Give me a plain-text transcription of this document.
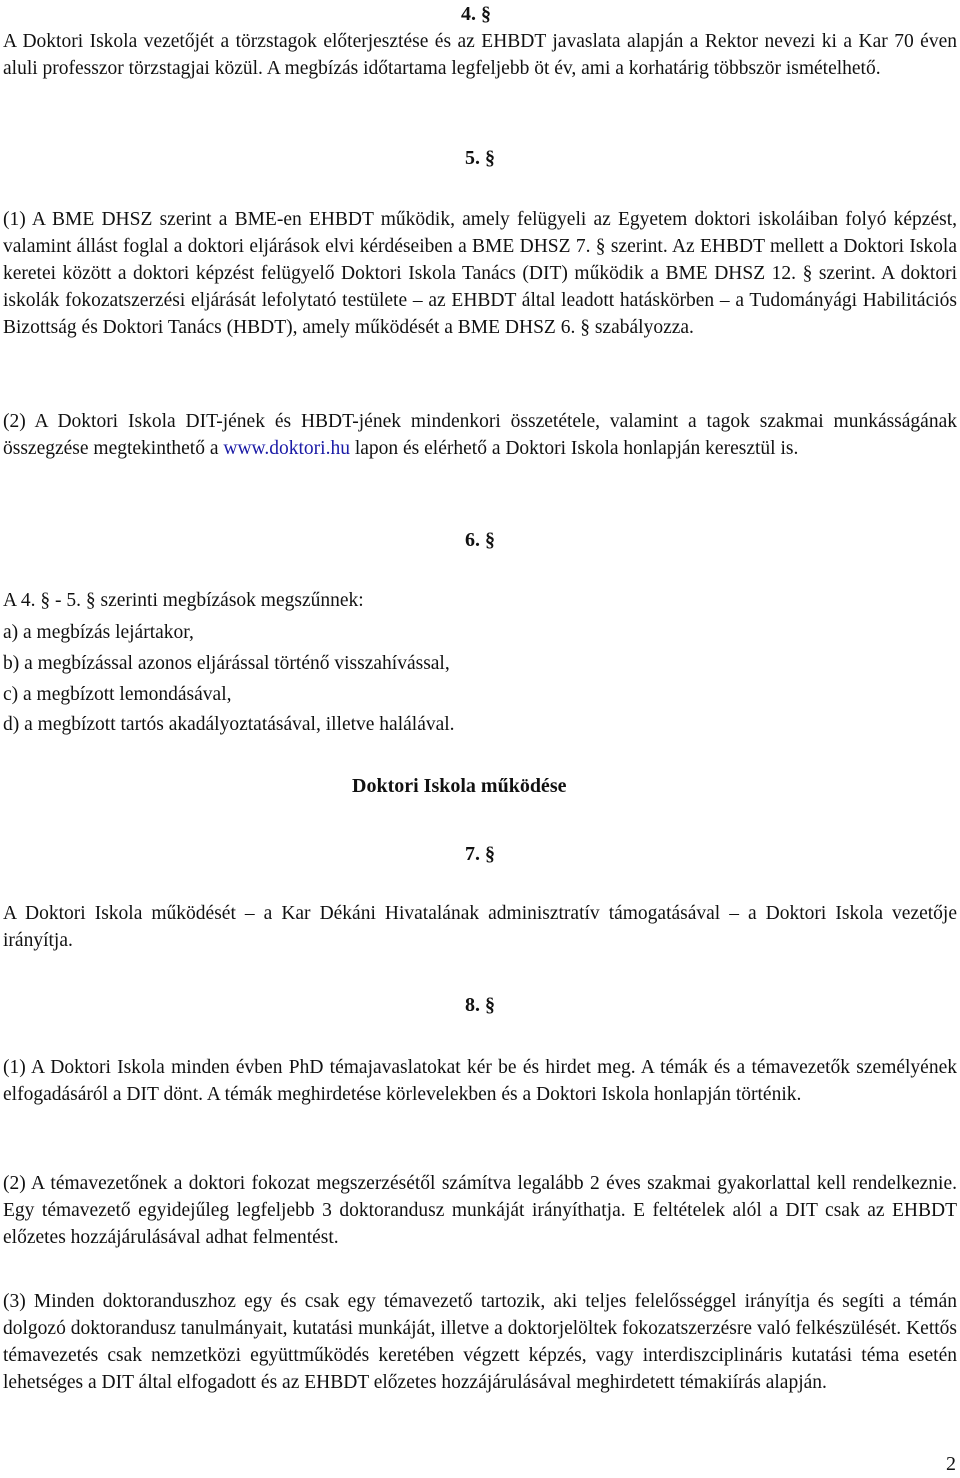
4. §

A Doktori Iskola vezetőjét a törzstagok előterjesztése és az EHBDT javaslata alapján a Rektor nevezi ki a Kar 70 éven aluli professzor törzstagjai közül. A megbízás időtartama legfeljebb öt év, ami a korhatárig többször ismételhető.

5. §

(1) A BME DHSZ szerint a BME-en EHBDT működik, amely felügyeli az Egyetem doktori iskoláiban folyó képzést, valamint állást foglal a doktori eljárások elvi kérdéseiben a BME DHSZ 7. § szerint. Az EHBDT mellett a Doktori Iskola keretei között a doktori képzést felügyelő Doktori Iskola Tanács (DIT) működik a BME DHSZ 12. § szerint. A doktori iskolák fokozatszerzési eljárását lefolytató testülete – az EHBDT által leadott hatáskörben – a Tudományági Habilitációs Bizottság és Doktori Tanács (HBDT), amely működését a BME DHSZ 6. § szabályozza.

(2) A Doktori Iskola DIT-jének és HBDT-jének mindenkori összetétele, valamint a tagok szakmai munkásságának összegzése megtekinthető a www.doktori.hu lapon és elérhető a Doktori Iskola honlapján keresztül is.

6. §
A 4. § - 5. § szerinti megbízások megszűnnek:
a) a megbízás lejártakor,
b) a megbízással azonos eljárással történő visszahívással,
c) a megbízott lemondásával,
d) a megbízott tartós akadályoztatásával, illetve halálával.
Doktori Iskola működése
7. §

A Doktori Iskola működését – a Kar Dékáni Hivatalának adminisztratív támogatásával – a Doktori Iskola vezetője irányítja.

8. §

(1) A Doktori Iskola minden évben PhD témajavaslatokat kér be és hirdet meg. A témák és a témavezetők személyének elfogadásáról a DIT dönt. A témák meghirdetése körlevelekben és a Doktori Iskola honlapján történik.

(2) A témavezetőnek a doktori fokozat megszerzésétől számítva legalább 2 éves szakmai gyakorlattal kell rendelkeznie. Egy témavezető egyidejűleg legfeljebb 3 doktorandusz munkáját irányíthatja. E feltételek alól a DIT csak az EHBDT előzetes hozzájárulásával adhat felmentést.

(3) Minden doktoranduszhoz egy és csak egy témavezető tartozik, aki teljes felelősséggel irányítja és segíti a témán dolgozó doktorandusz tanulmányait, kutatási munkáját, illetve a doktorjelöltek fokozatszerzésre való felkészülését. Kettős témavezetés csak nemzetközi együttműködés keretében végzett képzés, vagy interdiszciplináris kutatási téma esetén lehetséges a DIT által elfogadott és az EHBDT előzetes hozzájárulásával meghirdetett témakiírás alapján.

2
